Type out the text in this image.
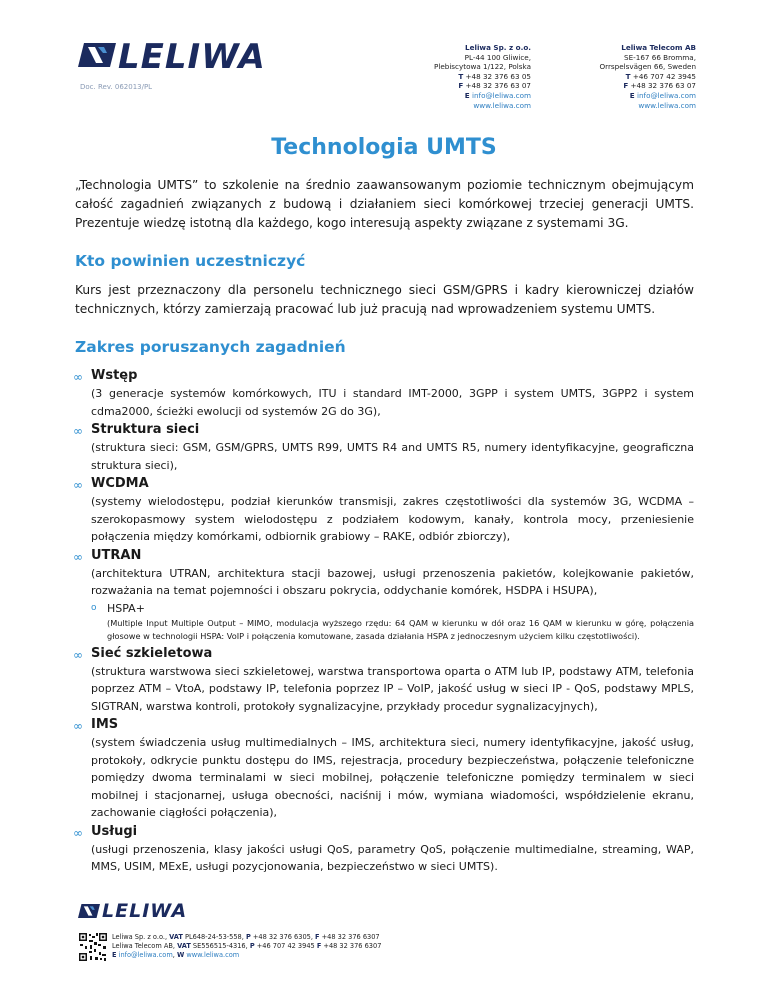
LELIWA
Doc. Rev. 062013/PL
Leliwa Sp. z o.o.
PL-44 100 Gliwice,
Plebiscytowa 1/122, Polska
T +48 32 376 63 05
F +48 32 376 63 07
E info@leliwa.com
www.leliwa.com
Leliwa Telecom AB
SE-167 66 Bromma,
Orrspelsvägen 66, Sweden
T +46 707 42 3945
F +48 32 376 63 07
E info@leliwa.com
www.leliwa.com
Technologia UMTS

„Technologia UMTS” to szkolenie na średnio zaawansowanym poziomie technicznym obejmującym całość zagadnień związanych z budową i działaniem sieci komórkowej trzeciej generacji UMTS. Prezentuje wiedzę istotną dla każdego, kogo interesują aspekty związane z systemami 3G.

Kto powinien uczestniczyć

Kurs jest przeznaczony dla personelu technicznego sieci GSM/GPRS i kadry kierowniczej działów technicznych, którzy zamierzają pracować lub już pracują nad wprowadzeniem systemu UMTS.

Zakres poruszanych zagadnień
∞ Wstęp
(3 generacje systemów komórkowych, ITU i standard IMT-2000, 3GPP i system UMTS, 3GPP2 i system cdma2000, ścieżki ewolucji od systemów 2G do 3G),
∞ Struktura sieci
(struktura sieci: GSM, GSM/GPRS, UMTS R99, UMTS R4 and UMTS R5, numery identyfikacyjne, geograficzna struktura sieci),
∞ WCDMA
(systemy wielodostępu, podział kierunków transmisji, zakres częstotliwości dla systemów 3G, WCDMA – szerokopasmowy system wielodostępu z podziałem kodowym, kanały, kontrola mocy, przeniesienie połączenia między komórkami, odbiornik grabiowy – RAKE, odbiór zbiorczy),
∞ UTRAN
(architektura UTRAN, architektura stacji bazowej, usługi przenoszenia pakietów, kolejkowanie pakietów, rozważania na temat pojemności i obszaru pokrycia, oddychanie komórek, HSDPA i HSUPA),
o HSPA+
(Multiple Input Multiple Output – MIMO, modulacja wyższego rzędu: 64 QAM w kierunku w dół oraz 16 QAM w kierunku w górę, połączenia głosowe w technologii HSPA: VoIP i połączenia komutowane, zasada działania HSPA z jednoczesnym użyciem kilku częstotliwości).
∞ Sieć szkieletowa
(struktura warstwowa sieci szkieletowej, warstwa transportowa oparta o ATM lub IP, podstawy ATM, telefonia poprzez ATM – VtoA, podstawy IP, telefonia poprzez IP – VoIP, jakość usług w sieci IP - QoS, podstawy MPLS, SIGTRAN, warstwa kontroli, protokoły sygnalizacyjne, przykłady procedur sygnalizacyjnych),
∞ IMS
(system świadczenia usług multimedialnych – IMS, architektura sieci, numery identyfikacyjne, jakość usług, protokoły, odkrycie punktu dostępu do IMS, rejestracja, procedury bezpieczeństwa, połączenie telefoniczne pomiędzy dwoma terminalami w sieci mobilnej, połączenie telefoniczne pomiędzy terminalem w sieci mobilnej i stacjonarnej, usługa obecności, naciśnij i mów, wymiana wiadomości, współdzielenie ekranu, zachowanie ciągłości połączenia),
∞ Usługi
(usługi przenoszenia, klasy jakości usługi QoS, parametry QoS, połączenie multimedialne, streaming, WAP, MMS, USIM, MExE, usługi pozycjonowania, bezpieczeństwo w sieci UMTS).
LELIWA
Leliwa Sp. z o.o., VAT PL648-24-53-558, P +48 32 376 6305, F +48 32 376 6307
Leliwa Telecom AB, VAT SE556515-4316, P +46 707 42 3945 F +48 32 376 6307
E info@leliwa.com, W www.leliwa.com
